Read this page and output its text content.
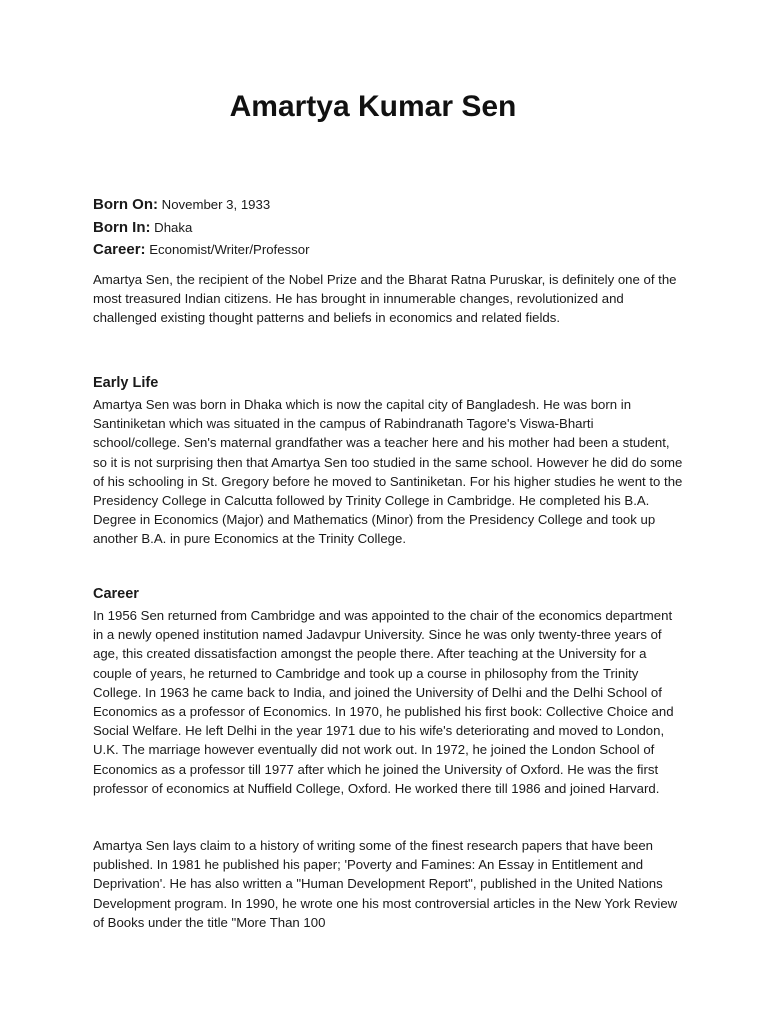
Amartya Kumar Sen
Born On: November 3, 1933
Born In: Dhaka
Career: Economist/Writer/Professor

Amartya Sen, the recipient of the Nobel Prize and the Bharat Ratna Puruskar, is definitely one of the most treasured Indian citizens. He has brought in innumerable changes, revolutionized and challenged existing thought patterns and beliefs in economics and related fields.

Early Life

Amartya Sen was born in Dhaka which is now the capital city of Bangladesh. He was born in Santiniketan which was situated in the campus of Rabindranath Tagore's Viswa-Bharti school/college. Sen's maternal grandfather was a teacher here and his mother had been a student, so it is not surprising then that Amartya Sen too studied in the same school. However he did do some of his schooling in St. Gregory before he moved to Santiniketan. For his higher studies he went to the Presidency College in Calcutta followed by Trinity College in Cambridge. He completed his B.A. Degree in Economics (Major) and Mathematics (Minor) from the Presidency College and took up another B.A. in pure Economics at the Trinity College.

Career

In 1956 Sen returned from Cambridge and was appointed to the chair of the economics department in a newly opened institution named Jadavpur University. Since he was only twenty-three years of age, this created dissatisfaction amongst the people there. After teaching at the University for a couple of years, he returned to Cambridge and took up a course in philosophy from the Trinity College. In 1963 he came back to India, and joined the University of Delhi and the Delhi School of Economics as a professor of Economics. In 1970, he published his first book: Collective Choice and Social Welfare. He left Delhi in the year 1971 due to his wife's deteriorating and moved to London, U.K. The marriage however eventually did not work out. In 1972, he joined the London School of Economics as a professor till 1977 after which he joined the University of Oxford. He was the first professor of economics at Nuffield College, Oxford. He worked there till 1986 and joined Harvard.

Amartya Sen lays claim to a history of writing some of the finest research papers that have been published. In 1981 he published his paper; 'Poverty and Famines: An Essay in Entitlement and Deprivation'. He has also written a "Human Development Report", published in the United Nations Development program. In 1990, he wrote one his most controversial articles in the New York Review of Books under the title "More Than 100
